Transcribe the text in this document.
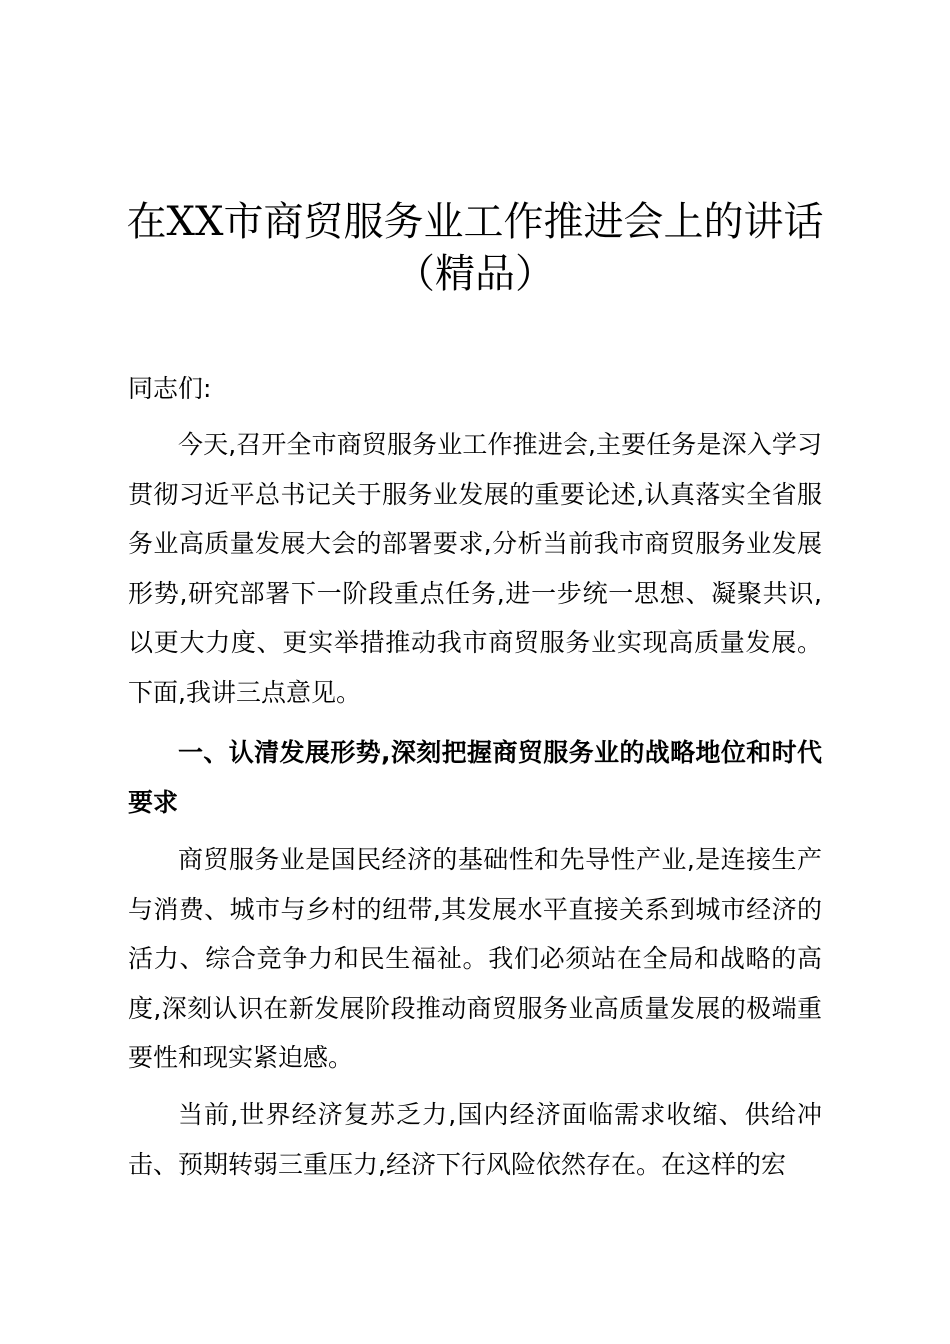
在XX市商贸服务业工作推进会上的讲话
（精品）

同志们:

今天,召开全市商贸服务业工作推进会,主要任务是深入学习贯彻习近平总书记关于服务业发展的重要论述,认真落实全省服务业高质量发展大会的部署要求,分析当前我市商贸服务业发展形势,研究部署下一阶段重点任务,进一步统一思想、凝聚共识,以更大力度、更实举措推动我市商贸服务业实现高质量发展。下面,我讲三点意见。

一、认清发展形势,深刻把握商贸服务业的战略地位和时代要求

商贸服务业是国民经济的基础性和先导性产业,是连接生产与消费、城市与乡村的纽带,其发展水平直接关系到城市经济的活力、综合竞争力和民生福祉。我们必须站在全局和战略的高度,深刻认识在新发展阶段推动商贸服务业高质量发展的极端重要性和现实紧迫感。

当前,世界经济复苏乏力,国内经济面临需求收缩、供给冲击、预期转弱三重压力,经济下行风险依然存在。在这样的宏
